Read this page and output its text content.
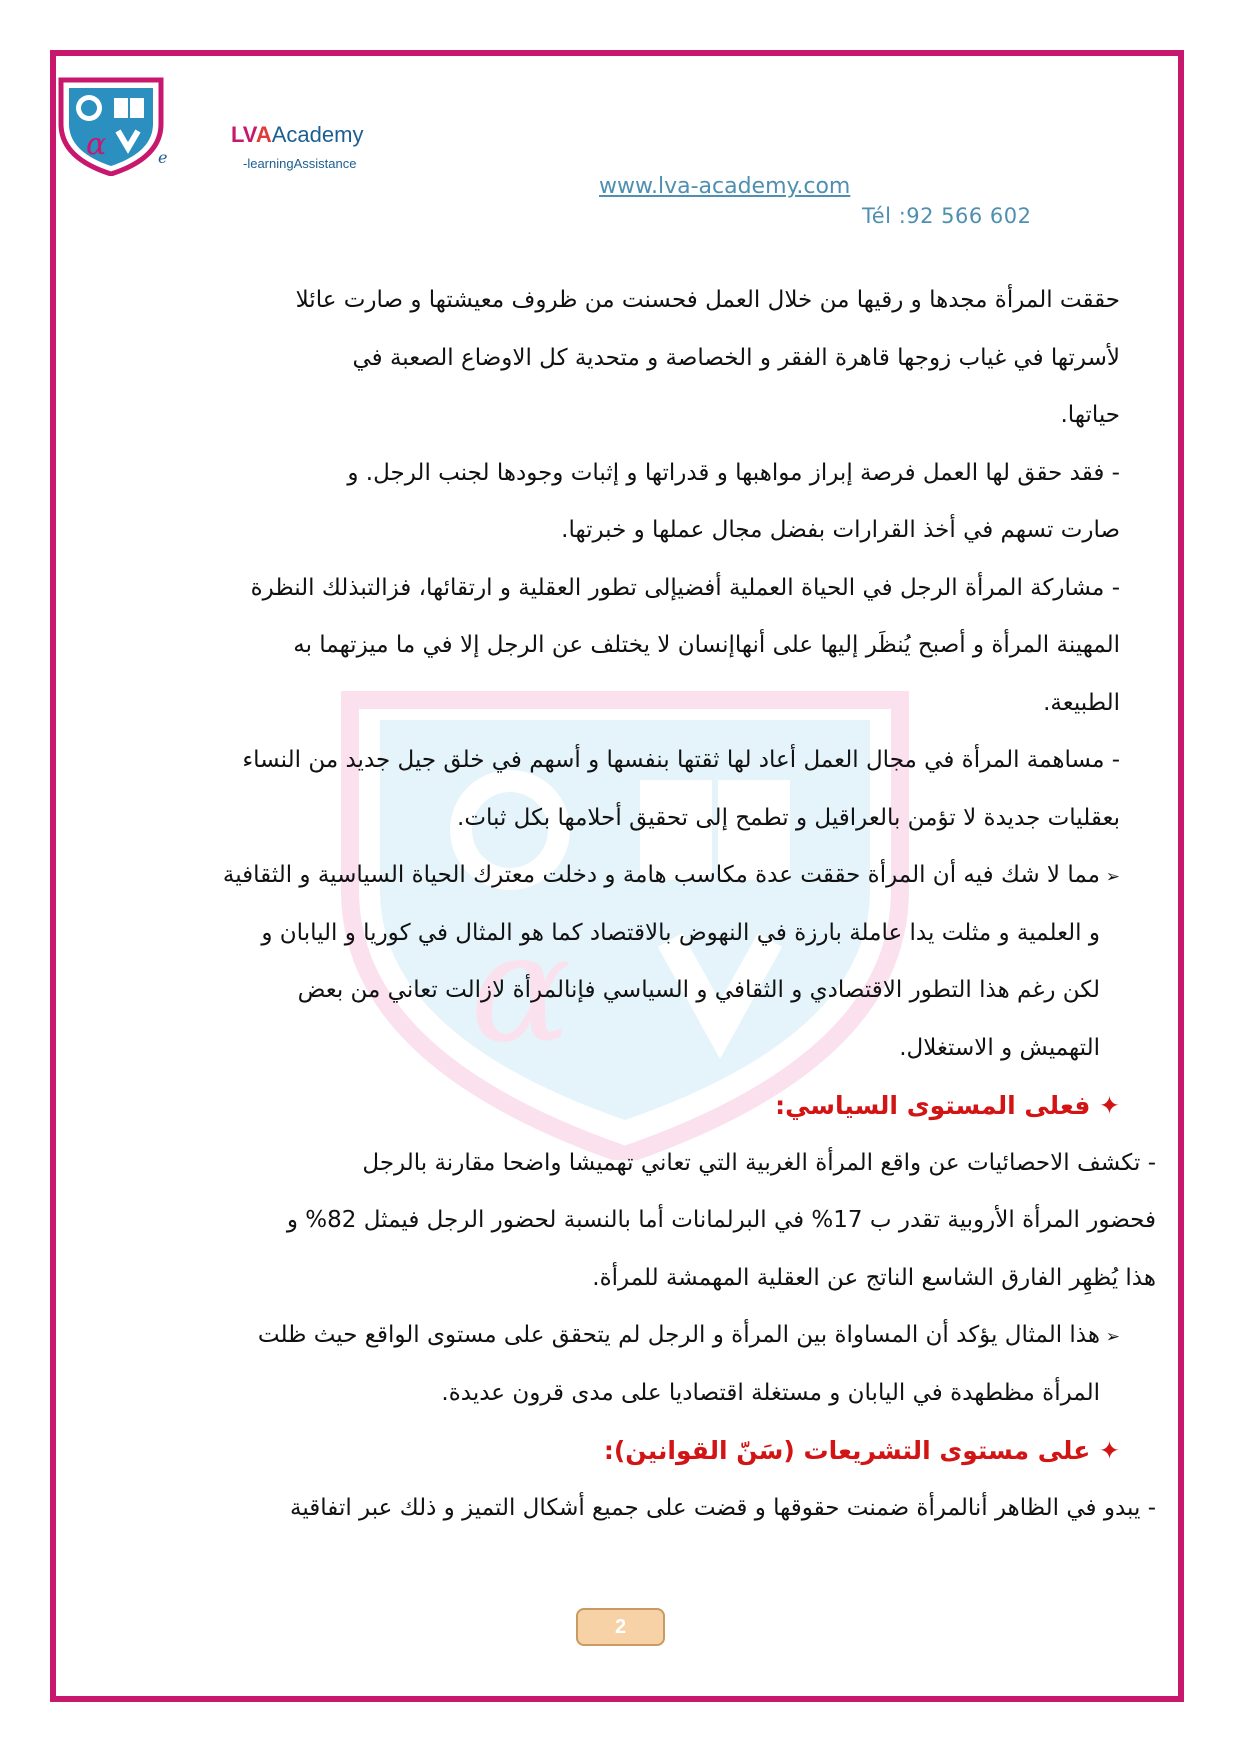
α	e
LVAAcademy
-learningAssistance
www.lva-academy.com
Tél :92 566 602
α
حققت المرأة مجدها و رقيها من خلال العمل فحسنت من ظروف معيشتها و صارت عائلا
لأسرتها في غياب زوجها قاهرة الفقر و الخصاصة و متحدية كل الاوضاع الصعبة في
حياتها.
- فقد حقق لها العمل فرصة إبراز مواهبها و قدراتها و إثبات وجودها لجنب الرجل. و
صارت تسهم في أخذ القرارات بفضل مجال عملها و خبرتها.
- مشاركة المرأة الرجل في الحياة العملية أفضيإلى تطور العقلية و ارتقائها، فزالتبذلك النظرة
المهينة المرأة و أصبح يُنظَر إليها على أنهاإنسان لا يختلف عن الرجل إلا في ما ميزتهما به
الطبيعة.
- مساهمة المرأة في مجال العمل أعاد لها ثقتها بنفسها و أسهم في خلق جيل جديد من النساء
بعقليات جديدة لا تؤمن بالعراقيل و تطمح إلى تحقيق أحلامها بكل ثبات.
➢مما لا شك فيه أن المرأة حققت عدة مكاسب هامة و دخلت معترك الحياة السياسية و الثقافية
و العلمية و مثلت يدا عاملة بارزة في النهوض بالاقتصاد كما هو المثال في كوريا و اليابان و
لكن رغم هذا التطور الاقتصادي و الثقافي و السياسي فإنالمرأة لازالت تعاني من بعض
التهميش و الاستغلال.
✦ فعلى المستوى السياسي:
- تكشف الاحصائيات عن واقع المرأة الغربية التي تعاني تهميشا واضحا مقارنة بالرجل
فحضور المرأة الأروبية تقدر ب 17% في البرلمانات أما بالنسبة لحضور الرجل فيمثل 82% و
هذا يُظهِر الفارق الشاسع الناتج عن العقلية المهمشة للمرأة.
➢هذا المثال يؤكد أن المساواة بين المرأة و الرجل لم يتحقق على مستوى الواقع حيث ظلت
المرأة مظطهدة في اليابان و مستغلة اقتصاديا على مدى قرون عديدة.
✦ على مستوى التشريعات (سَنّ القوانين):
- يبدو في الظاهر أنالمرأة ضمنت حقوقها و قضت على جميع أشكال التميز و ذلك عبر اتفاقية
2
